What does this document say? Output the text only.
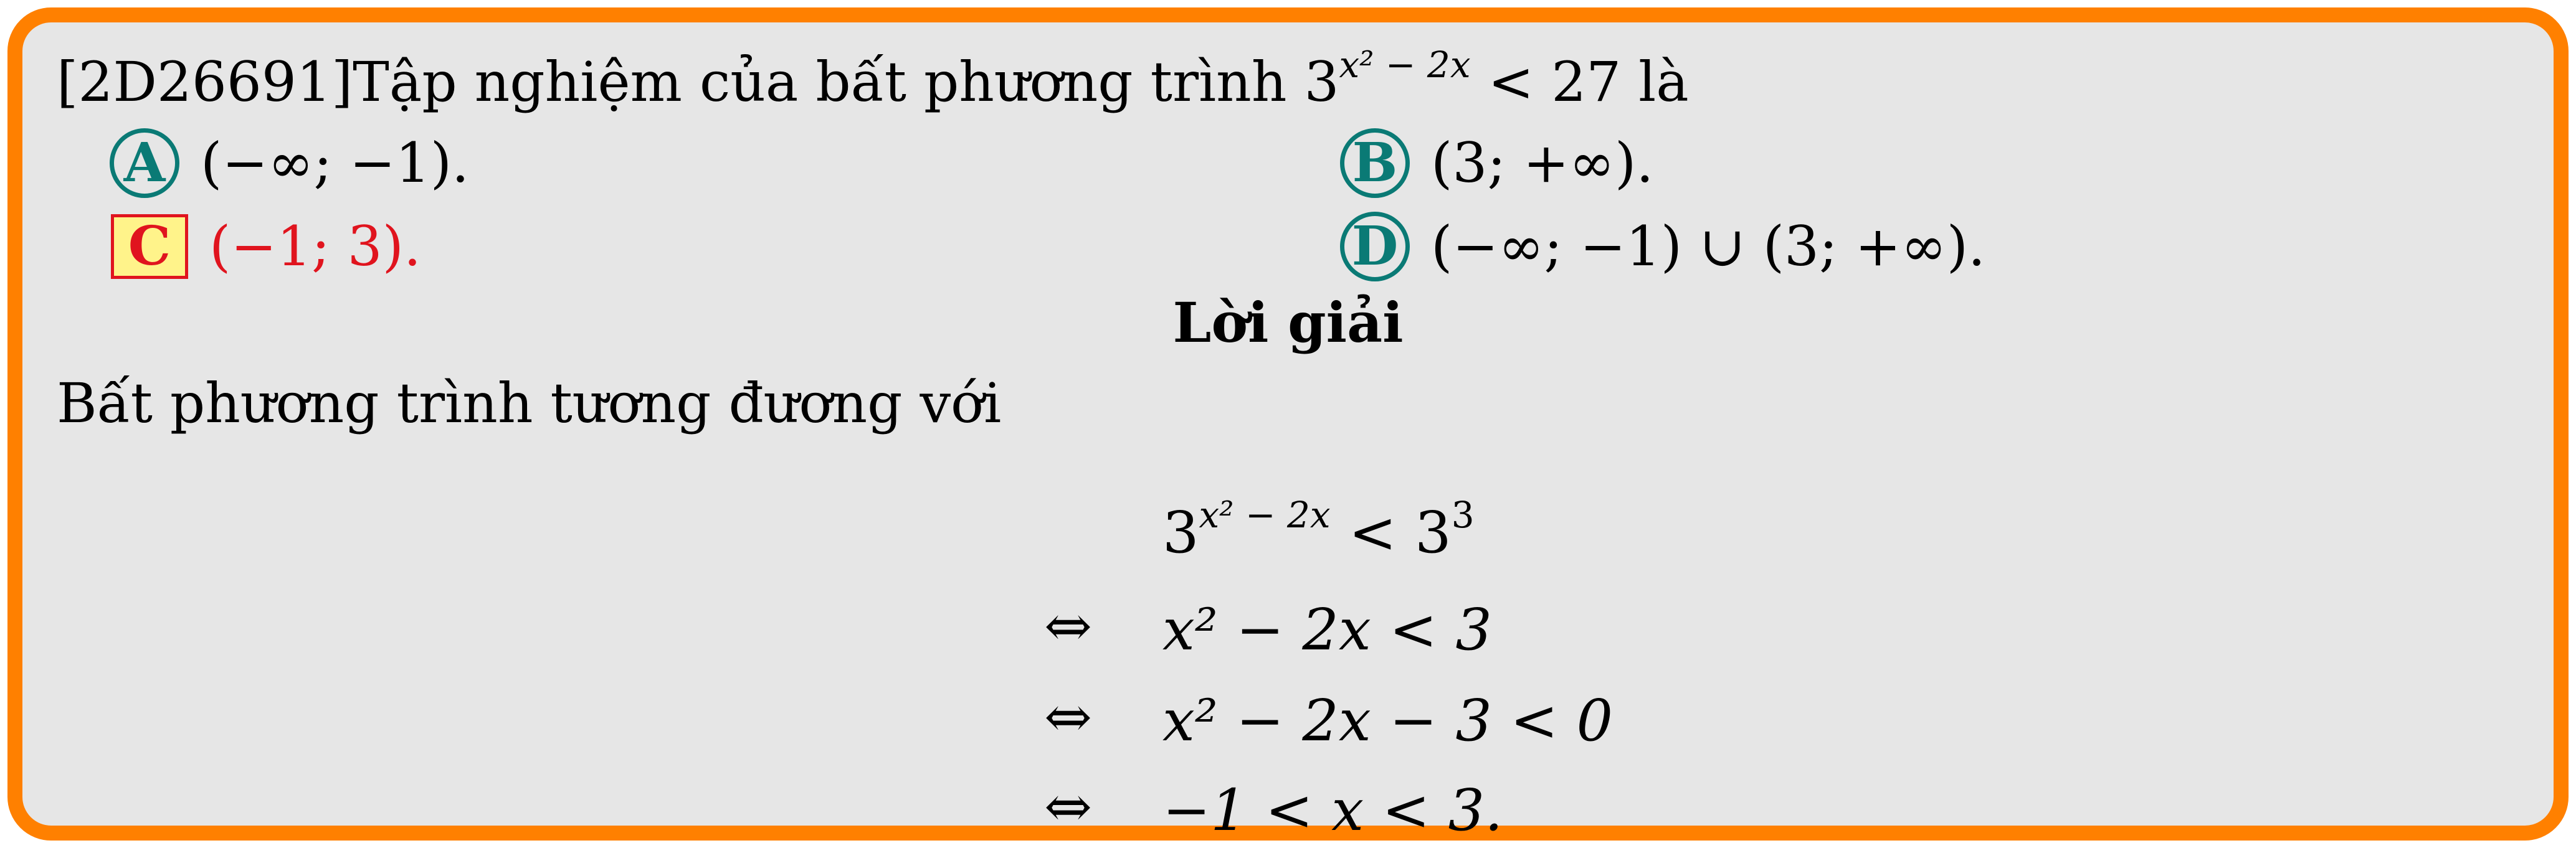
[2D26691]Tập nghiệm của bất phương trình $3^{x^2 - 2x} < 27$ là
A (−∞; −1).	B (3; +∞).
C (−1; 3).	D (−∞; −1) ∪ (3; +∞).
Lời giải
Bất phương trình tương đương với
$3^{x^2 - 2x} < 3^3$
⇔ x² − 2x < 3
⇔ x² − 2x − 3 < 0
⇔ −1 < x < 3.
